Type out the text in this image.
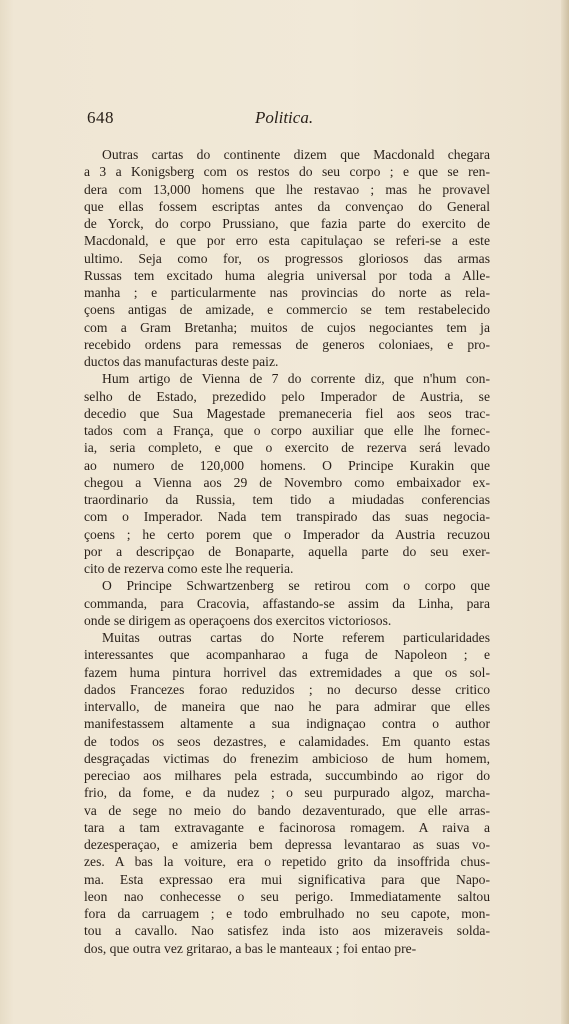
648	Politica.
Outras cartas do continente dizem que Macdonald chegara
a 3 a Konigsberg com os restos do seu corpo ; e que se ren-
dera com 13,000 homens que lhe restavao ; mas he provavel
que ellas fossem escriptas antes da convençao do General
de Yorck, do corpo Prussiano, que fazia parte do exercito de
Macdonald, e que por erro esta capitulaçao se referi-se a este
ultimo. Seja como for, os progressos gloriosos das armas
Russas tem excitado huma alegria universal por toda a Alle-
manha ; e particularmente nas provincias do norte as rela-
çoens antigas de amizade, e commercio se tem restabelecido
com a Gram Bretanha; muitos de cujos negociantes tem ja
recebido ordens para remessas de generos coloniaes, e pro-
ductos das manufacturas deste paiz.
Hum artigo de Vienna de 7 do corrente diz, que n'hum con-
selho de Estado, prezedido pelo Imperador de Austria, se
decedio que Sua Magestade premaneceria fiel aos seos trac-
tados com a França, que o corpo auxiliar que elle lhe fornec-
ia, seria completo, e que o exercito de rezerva será levado
ao numero de 120,000 homens. O Principe Kurakin que
chegou a Vienna aos 29 de Novembro como embaixador ex-
traordinario da Russia, tem tido a miudadas conferencias
com o Imperador. Nada tem transpirado das suas negocia-
çoens ; he certo porem que o Imperador da Austria recuzou
por a descripçao de Bonaparte, aquella parte do seu exer-
cito de rezerva como este lhe requeria.
O Principe Schwartzenberg se retirou com o corpo que
commanda, para Cracovia, affastando-se assim da Linha, para
onde se dirigem as operaçoens dos exercitos victoriosos.
Muitas outras cartas do Norte referem particularidades
interessantes que acompanharao a fuga de Napoleon ; e
fazem huma pintura horrivel das extremidades a que os sol-
dados Francezes forao reduzidos ; no decurso desse critico
intervallo, de maneira que nao he para admirar que elles
manifestassem altamente a sua indignaçao contra o author
de todos os seos dezastres, e calamidades. Em quanto estas
desgraçadas victimas do frenezim ambicioso de hum homem,
pereciao aos milhares pela estrada, succumbindo ao rigor do
frio, da fome, e da nudez ; o seu purpurado algoz, marcha-
va de sege no meio do bando dezaventurado, que elle arras-
tara a tam extravagante e facinorosa romagem. A raiva a
dezesperaçao, e amizeria bem depressa levantarao as suas vo-
zes. A bas la voiture, era o repetido grito da insoffrida chus-
ma. Esta expressao era mui significativa para que Napo-
leon nao conhecesse o seu perigo. Immediatamente saltou
fora da carruagem ; e todo embrulhado no seu capote, mon-
tou a cavallo. Nao satisfez inda isto aos mizeraveis solda-
dos, que outra vez gritarao, a bas le manteaux ; foi entao pre-
